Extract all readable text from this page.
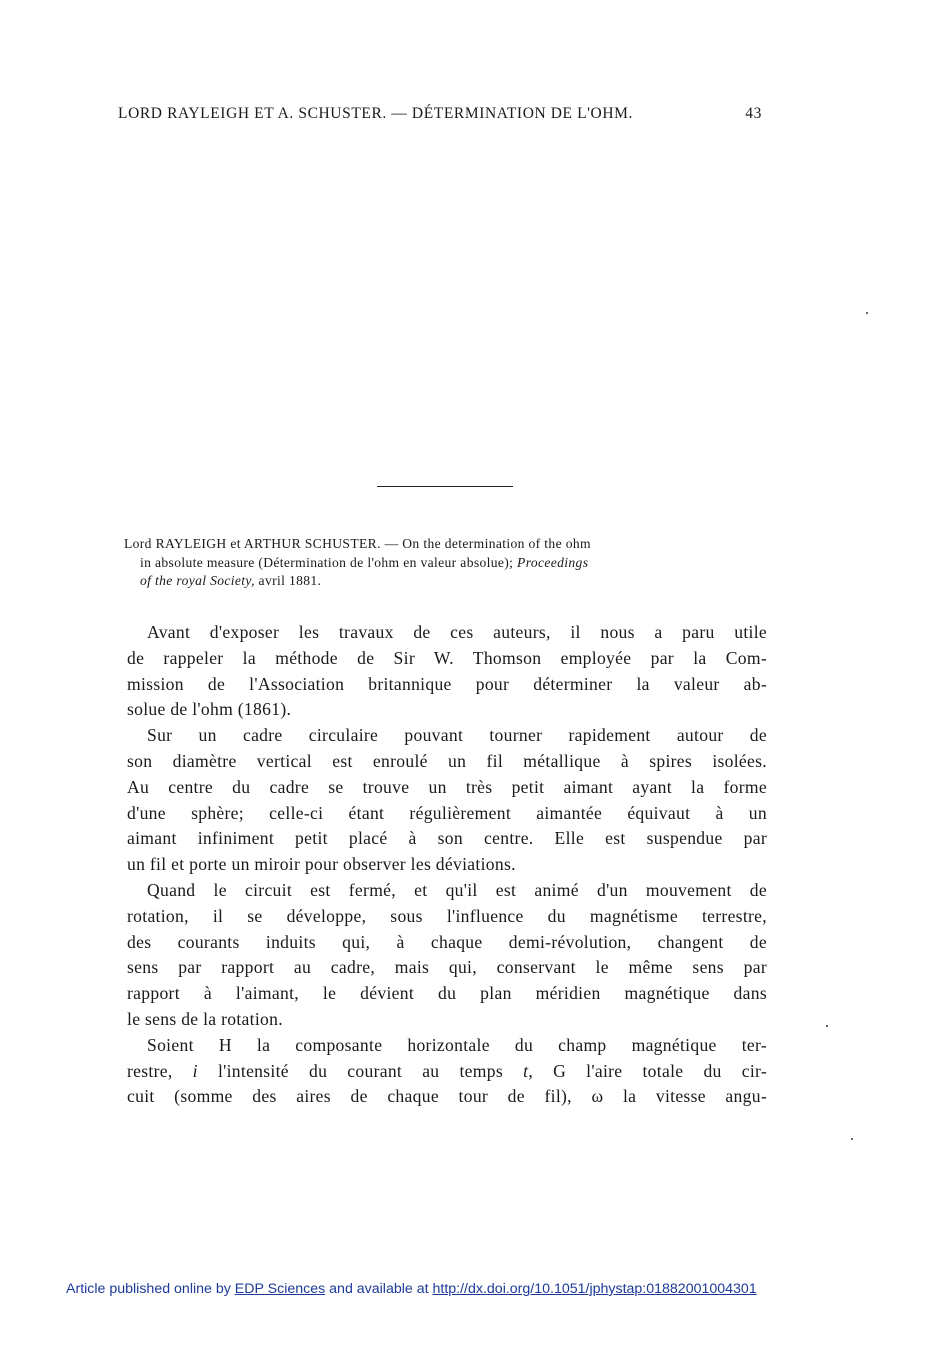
LORD RAYLEIGH ET A. SCHUSTER. — DÉTERMINATION DE L'OHM.	43

Lord RAYLEIGH et ARTHUR SCHUSTER. — On the determination of the ohm

in absolute measure (Détermination de l'ohm en valeur absolue); Proceedings

of the royal Society, avril 1881.

Avant d'exposer les travaux de ces auteurs, il nous a paru utile
de rappeler la méthode de Sir W. Thomson employée par la Com-
mission de l'Association britannique pour déterminer la valeur ab-
solue de l'ohm (1861).
Sur un cadre circulaire pouvant tourner rapidement autour de
son diamètre vertical est enroulé un fil métallique à spires isolées.
Au centre du cadre se trouve un très petit aimant ayant la forme
d'une sphère; celle-ci étant régulièrement aimantée équivaut à un
aimant infiniment petit placé à son centre. Elle est suspendue par
un fil et porte un miroir pour observer les déviations.
Quand le circuit est fermé, et qu'il est animé d'un mouvement de
rotation, il se développe, sous l'influence du magnétisme terrestre,
des courants induits qui, à chaque demi-révolution, changent de
sens par rapport au cadre, mais qui, conservant le même sens par
rapport à l'aimant, le dévient du plan méridien magnétique dans
le sens de la rotation.
Soient H la composante horizontale du champ magnétique ter-
restre, i l'intensité du courant au temps t, G l'aire totale du cir-
cuit (somme des aires de chaque tour de fil), ω la vitesse angu-
Article published online by EDP Sciences and available at http://dx.doi.org/10.1051/jphystap:01882001004301
